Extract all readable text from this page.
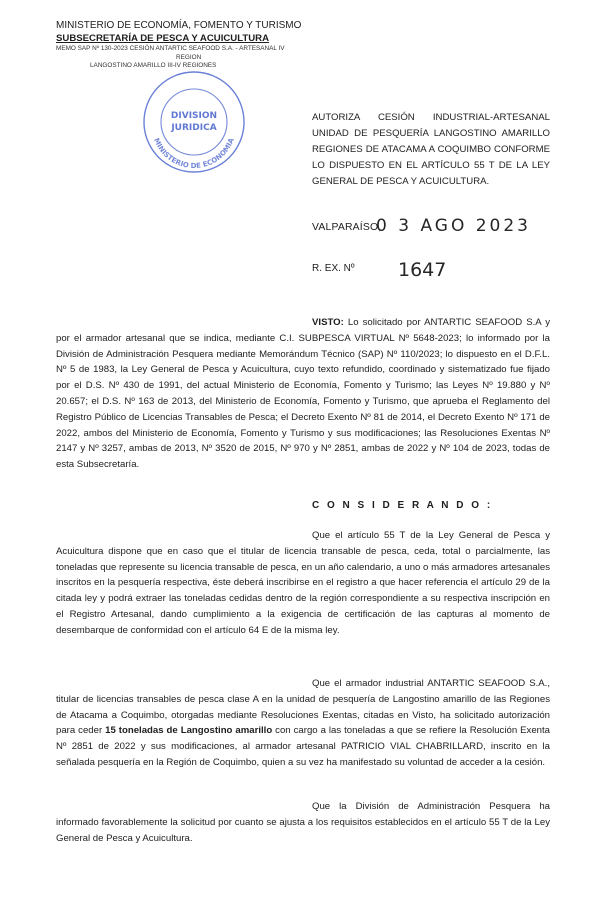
MINISTERIO DE ECONOMÍA, FOMENTO Y TURISMO
SUBSECRETARÍA DE PESCA Y ACUICULTURA
MEMO SAP Nº 130-2023 CESIÓN ANTARTIC SEAFOOD S.A. - ARTESANAL IV
REGION
LANGOSTINO AMARILLO III-IV REGIONES
MINISTERIO DE ECONOMIA
DIVISION
JURIDICA
AUTORIZA CESIÓN INDUSTRIAL-ARTESANAL UNIDAD DE PESQUERÍA LANGOSTINO AMARILLO REGIONES DE ATACAMA A COQUIMBO CONFORME LO DISPUESTO EN EL ARTÍCULO 55 T DE LA LEY GENERAL DE PESCA Y ACUICULTURA.
VALPARAÍSO,
0 3 AGO 2023
R. EX. Nº 1647
VISTO: Lo solicitado por ANTARTIC SEAFOOD S.A y por el armador artesanal que se indica, mediante C.I. SUBPESCA VIRTUAL Nº 5648-2023; lo informado por la División de Administración Pesquera mediante Memorándum Técnico (SAP) Nº 110/2023; lo dispuesto en el D.F.L. Nº 5 de 1983, la Ley General de Pesca y Acuicultura, cuyo texto refundido, coordinado y sistematizado fue fijado por el D.S. Nº 430 de 1991, del actual Ministerio de Economía, Fomento y Turismo; las Leyes Nº 19.880 y Nº 20.657; el D.S. Nº 163 de 2013, del Ministerio de Economía, Fomento y Turismo, que aprueba el Reglamento del Registro Público de Licencias Transables de Pesca; el Decreto Exento Nº 81 de 2014, el Decreto Exento Nº 171 de 2022, ambos del Ministerio de Economía, Fomento y Turismo y sus modificaciones; las Resoluciones Exentas Nº 2147 y Nº 3257, ambas de 2013, Nº 3520 de 2015, Nº 970 y Nº 2851, ambas de 2022 y Nº 104 de 2023, todas de esta Subsecretaría.
C O N S I D E R A N D O :
Que el artículo 55 T de la Ley General de Pesca y Acuicultura dispone que en caso que el titular de licencia transable de pesca, ceda, total o parcialmente, las toneladas que represente su licencia transable de pesca, en un año calendario, a uno o más armadores artesanales inscritos en la pesquería respectiva, éste deberá inscribirse en el registro a que hacer referencia el artículo 29 de la citada ley y podrá extraer las toneladas cedidas dentro de la región correspondiente a su respectiva inscripción en el Registro Artesanal, dando cumplimiento a la exigencia de certificación de las capturas al momento de desembarque de conformidad con el artículo 64 E de la misma ley.
Que el armador industrial ANTARTIC SEAFOOD S.A., titular de licencias transables de pesca clase A en la unidad de pesquería de Langostino amarillo de las Regiones de Atacama a Coquimbo, otorgadas mediante Resoluciones Exentas, citadas en Visto, ha solicitado autorización para ceder 15 toneladas de Langostino amarillo con cargo a las toneladas a que se refiere la Resolución Exenta Nº 2851 de 2022 y sus modificaciones, al armador artesanal PATRICIO VIAL CHABRILLARD, inscrito en la señalada pesquería en la Región de Coquimbo, quien a su vez ha manifestado su voluntad de acceder a la cesión.
Que la División de Administración Pesquera ha informado favorablemente la solicitud por cuanto se ajusta a los requisitos establecidos en el artículo 55 T de la Ley General de Pesca y Acuicultura.
